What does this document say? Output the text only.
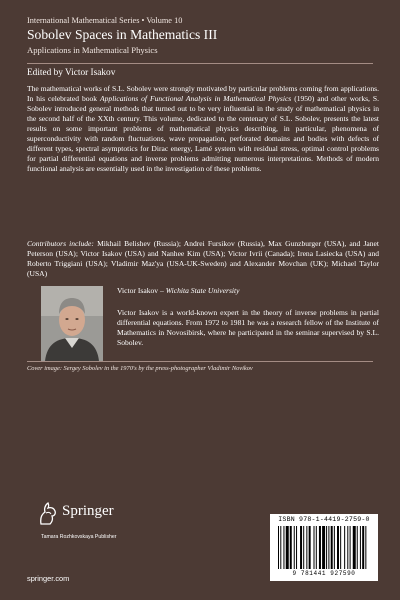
International Mathematical Series • Volume 10
Sobolev Spaces in Mathematics III
Applications in Mathematical Physics
Edited by Victor Isakov
The mathematical works of S.L. Sobolev were strongly motivated by particular problems coming from applications. In his celebrated book Applications of Functional Analysis in Mathematical Physics (1950) and other works, S. Sobolev introduced general methods that turned out to be very influential in the study of mathematical physics in the second half of the XXth century. This volume, dedicated to the centenary of S.L. Sobolev, presents the latest results on some important problems of mathematical physics describing, in particular, phenomena of superconductivity with random fluctuations, wave propagation, perforated domains and bodies with defects of different types, spectral asymptotics for Dirac energy, Lamé system with residual stress, optimal control problems for partial differential equations and inverse problems admitting numerous interpretations. Methods of modern functional analysis are essentially used in the investigation of these problems.
Contributors include: Mikhail Belishev (Russia); Andrei Fursikov (Russia), Max Gunzburger (USA), and Janet Peterson (USA); Victor Isakov (USA) and Nanhee Kim (USA); Victor Ivrii (Canada); Irena Lasiecka (USA) and Roberto Triggiani (USA); Vladimir Maz'ya (USA-UK-Sweden) and Alexander Movchan (UK); Michael Taylor (USA)
Victor Isakov – Wichita State University
Victor Isakov is a world-known expert in the theory of inverse problems in partial differential equations. From 1972 to 1981 he was a research fellow of the Institute of Mathematics in Novosibirsk, where he participated in the seminar supervised by S.L. Sobolev.
Cover image: Sergey Sobolev in the 1970's by the press-photographer Vladimir Novikov
Springer
Tamara Rozhkovskaya Publisher
springer.com
ISBN 978-1-4419-2759-0
9 781441 927590
